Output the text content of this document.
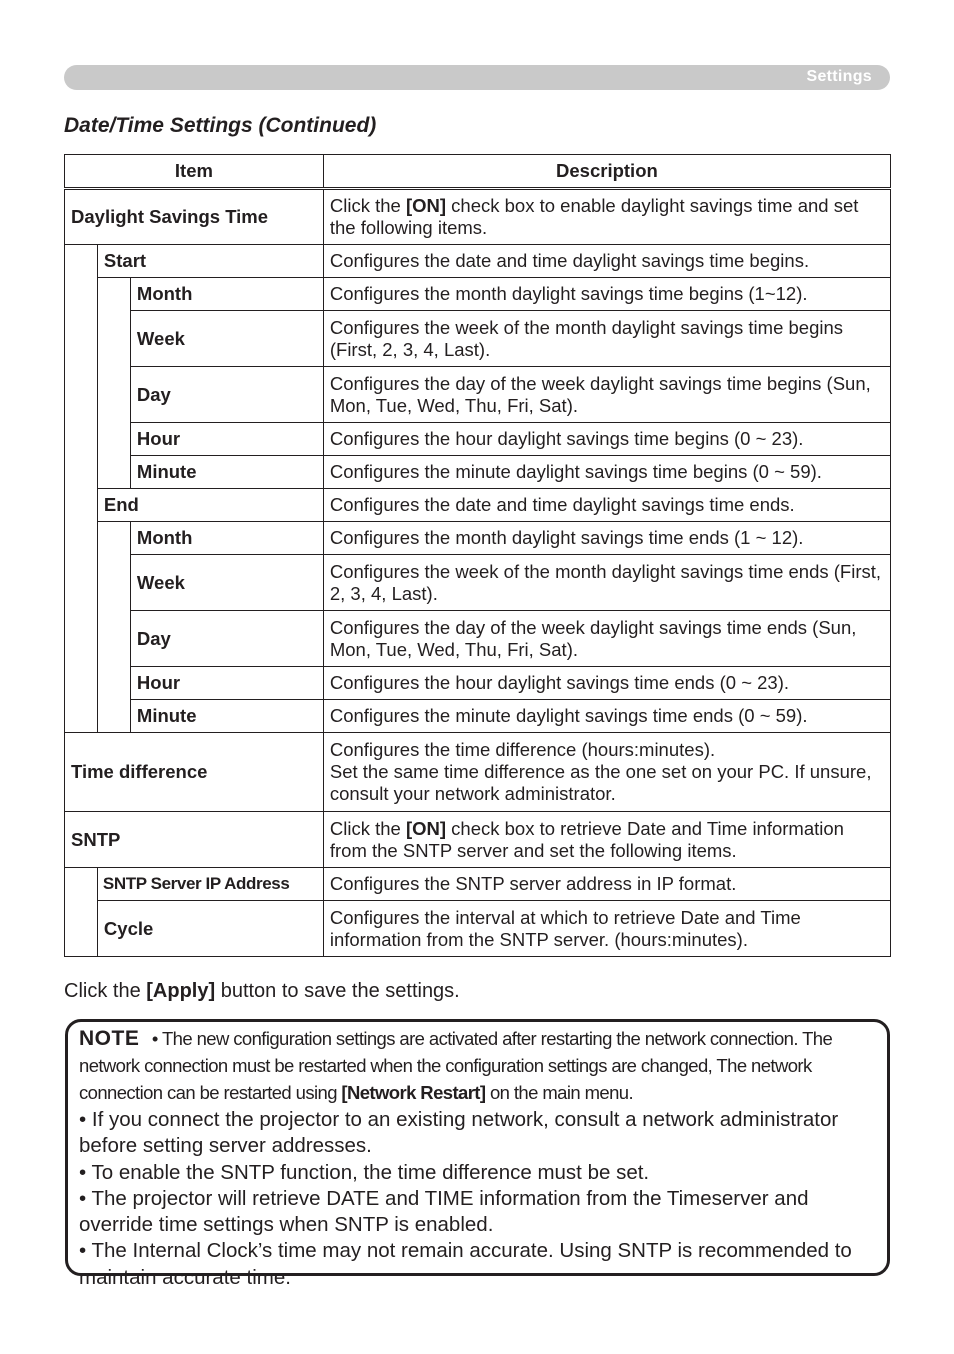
Settings
Date/Time Settings (Continued)
Item			Description
Daylight Savings Time			Click the [ON] check box to enable daylight savings time and set the following items.
	Start		Configures the date and time daylight savings time begins.
		Month	Configures the month daylight savings time begins (1~12).
		Week	Configures the week of the month daylight savings time begins (First, 2, 3, 4, Last).
		Day	Configures the day of the week daylight savings time begins (Sun, Mon, Tue, Wed, Thu, Fri, Sat).
		Hour	Configures the hour daylight savings time begins (0 ~ 23).
		Minute	Configures the minute daylight savings time begins (0 ~ 59).
	End		Configures the date and time daylight savings time ends.
		Month	Configures the month daylight savings time ends (1 ~ 12).
		Week	Configures the week of the month daylight savings time ends (First, 2, 3, 4, Last).
		Day	Configures the day of the week daylight savings time ends (Sun, Mon, Tue, Wed, Thu, Fri, Sat).
		Hour	Configures the hour daylight savings time ends (0 ~ 23).
		Minute	Configures the minute daylight savings time ends (0 ~ 59).
Time difference			Configures the time difference (hours:minutes).
Set the same time difference as the one set on your PC. If unsure, consult your network administrator.

SNTP			Click the [ON] check box to retrieve Date and Time information from the SNTP server and set the following items.
	SNTP Server IP Address		Configures the SNTP server address in IP format.
	Cycle		Configures the interval at which to retrieve Date and Time information from the SNTP server. (hours:minutes).
Click the [Apply] button to save the settings.
NOTE • The new configuration settings are activated after restarting the network connection. The network connection must be restarted when the configuration settings are changed, The network connection can be restarted using [Network Restart] on the main menu.
• If you connect the projector to an existing network, consult a network administrator before setting server addresses.
• To enable the SNTP function, the time difference must be set.
• The projector will retrieve DATE and TIME information from the Timeserver and override time settings when SNTP is enabled.
• The Internal Clock’s time may not remain accurate. Using SNTP is recommended to maintain accurate time.
